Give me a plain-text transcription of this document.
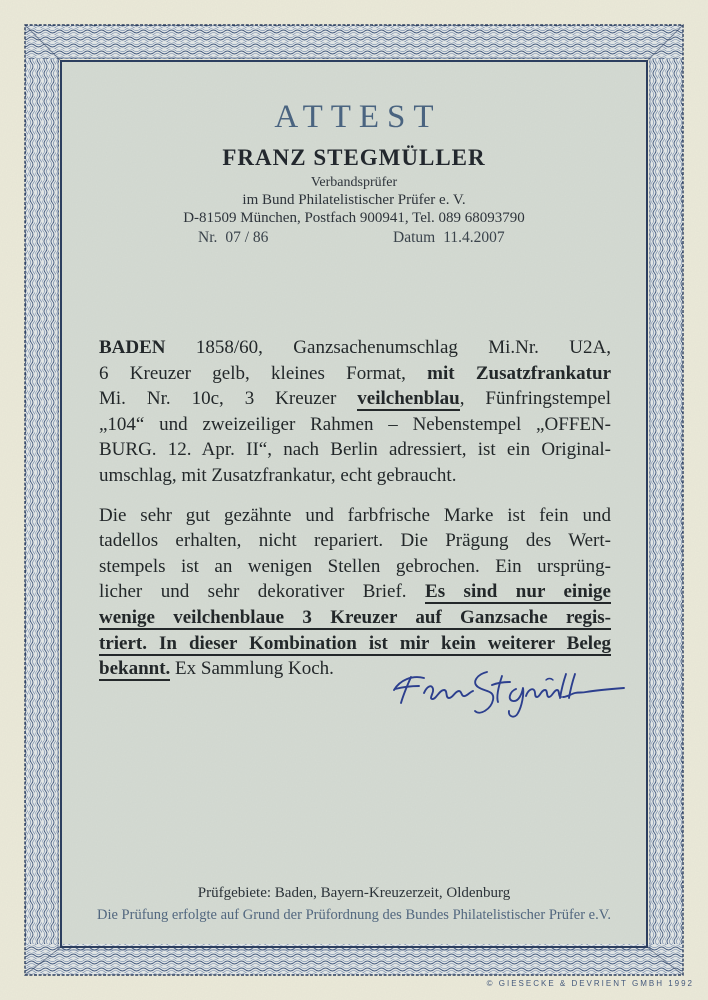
ATTEST
FRANZ STEGMÜLLER
Verbandsprüfer
im Bund Philatelistischer Prüfer e. V.
D-81509 München, Postfach 900941, Tel. 089 68093790
Nr. 07 / 86	Datum 11.4.2007
BADEN 1858/60, Ganzsachenumschlag Mi.Nr. U2A,
6 Kreuzer gelb, kleines Format, mit Zusatzfrankatur
Mi. Nr. 10c, 3 Kreuzer veilchenblau, Fünfringstempel
„104“ und zweizeiliger Rahmen – Nebenstempel „OFFEN-
BURG. 12. Apr. II“, nach Berlin adressiert, ist ein Original-
umschlag, mit Zusatzfrankatur, echt gebraucht.
Die sehr gut gezähnte und farbfrische Marke ist fein und
tadellos erhalten, nicht repariert. Die Prägung des Wert-
stempels ist an wenigen Stellen gebrochen. Ein ursprüng-
licher und sehr dekorativer Brief. Es sind nur einige
wenige veilchenblaue 3 Kreuzer auf Ganzsache regis-
triert. In dieser Kombination ist mir kein weiterer Beleg
bekannt. Ex Sammlung Koch.
Prüfgebiete: Baden, Bayern-Kreuzerzeit, Oldenburg
Die Prüfung erfolgte auf Grund der Prüfordnung des Bundes Philatelistischer Prüfer e.V.
© GIESECKE & DEVRIENT GMBH 1992
